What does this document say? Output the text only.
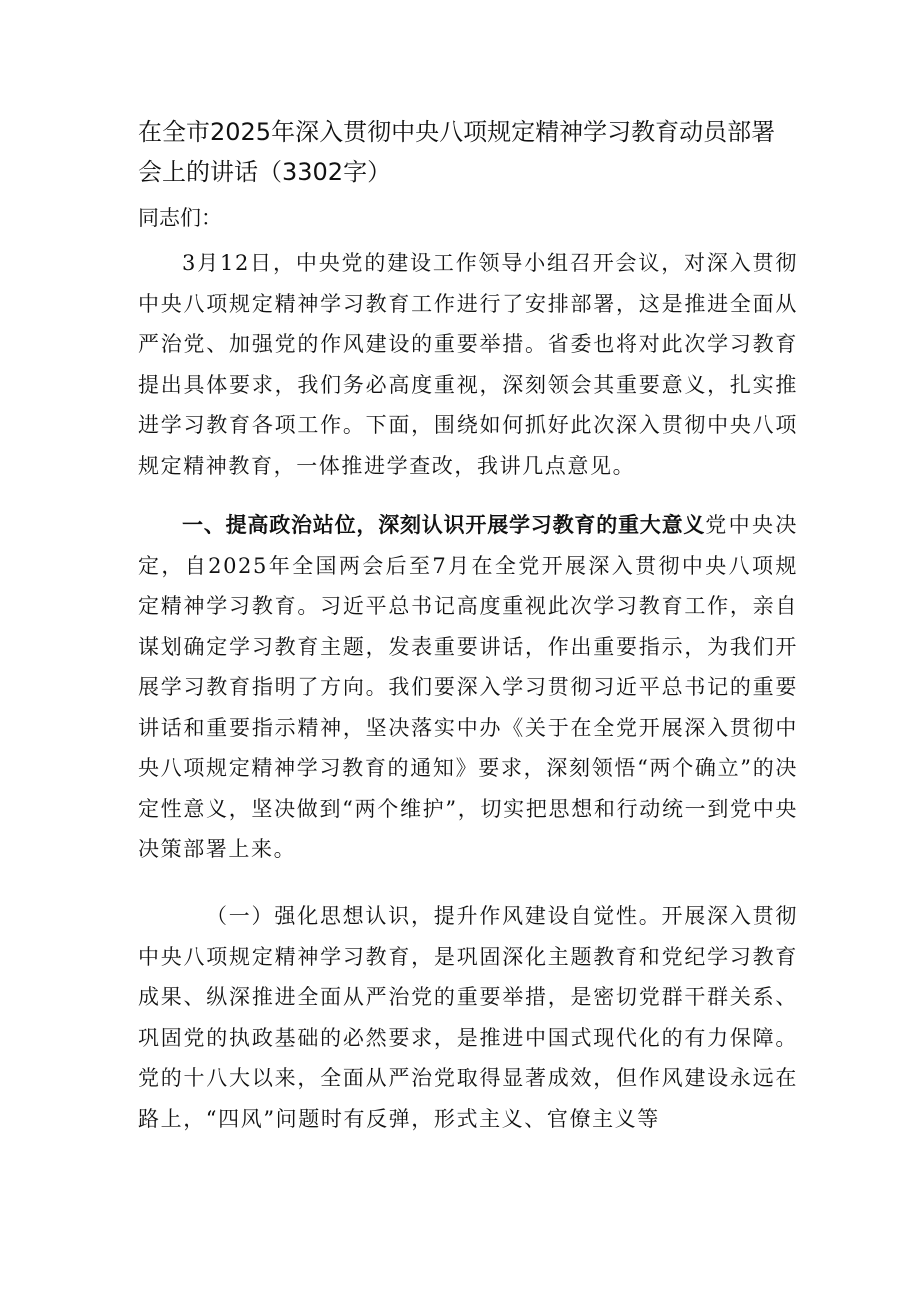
在全市2025年深入贯彻中央八项规定精神学习教育动员部署会上的讲话（3302字）

同志们：

3月12日，中央党的建设工作领导小组召开会议，对深入贯彻中央八项规定精神学习教育工作进行了安排部署，这是推进全面从严治党、加强党的作风建设的重要举措。省委也将对此次学习教育提出具体要求，我们务必高度重视，深刻领会其重要意义，扎实推进学习教育各项工作。下面，围绕如何抓好此次深入贯彻中央八项规定精神教育，一体推进学查改，我讲几点意见。

一、提高政治站位，深刻认识开展学习教育的重大意义党中央决定，自2025年全国两会后至7月在全党开展深入贯彻中央八项规定精神学习教育。习近平总书记高度重视此次学习教育工作，亲自谋划确定学习教育主题，发表重要讲话，作出重要指示，为我们开展学习教育指明了方向。我们要深入学习贯彻习近平总书记的重要讲话和重要指示精神，坚决落实中办《关于在全党开展深入贯彻中央八项规定精神学习教育的通知》要求，深刻领悟“两个确立”的决定性意义，坚决做到“两个维护”，切实把思想和行动统一到党中央决策部署上来。

（一）强化思想认识，提升作风建设自觉性。开展深入贯彻中央八项规定精神学习教育，是巩固深化主题教育和党纪学习教育成果、纵深推进全面从严治党的重要举措，是密切党群干群关系、巩固党的执政基础的必然要求，是推进中国式现代化的有力保障。党的十八大以来，全面从严治党取得显著成效，但作风建设永远在路上，“四风”问题时有反弹，形式主义、官僚主义等
